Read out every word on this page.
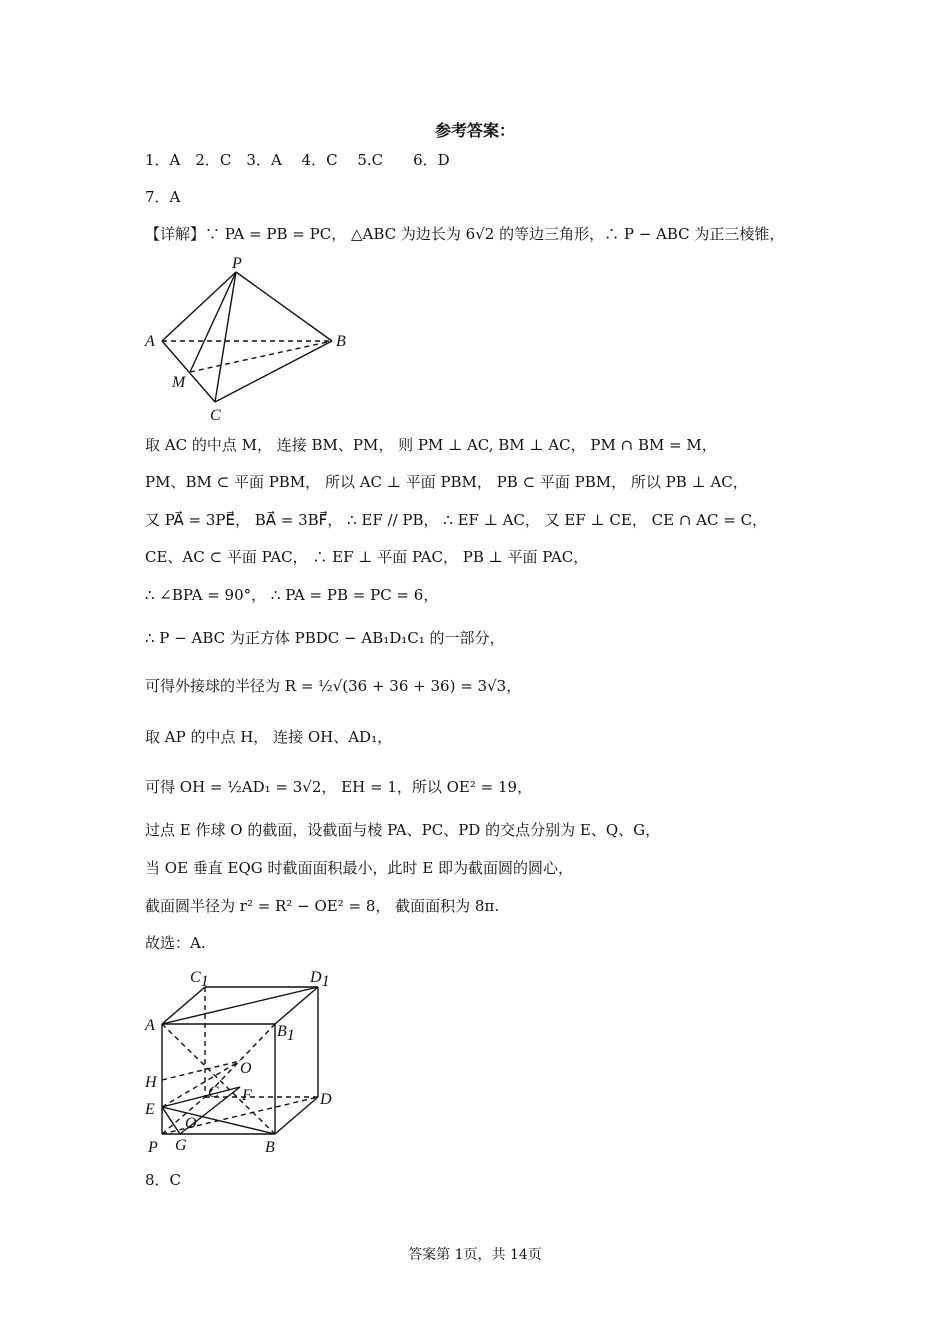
参考答案：
1．A　2．C　3．A　 4．C　 5.C　　6．D
7．A
【详解】∵ PA = PB = PC， △ABC 为边长为 6√2 的等边三角形，∴ P − ABC 为正三棱锥，
P
A	B
M
C
取 AC 的中点 M， 连接 BM、PM， 则 PM ⊥ AC, BM ⊥ AC， PM ∩ BM = M，
PM、BM ⊂ 平面 PBM， 所以 AC ⊥ 平面 PBM， PB ⊂ 平面 PBM， 所以 PB ⊥ AC，
又 PA⃗ = 3PE⃗， BA⃗ = 3BF⃗， ∴ EF // PB， ∴ EF ⊥ AC， 又 EF ⊥ CE， CE ∩ AC = C，
CE、AC ⊂ 平面 PAC， ∴ EF ⊥ 平面 PAC， PB ⊥ 平面 PAC，
∴ ∠BPA = 90°， ∴ PA = PB = PC = 6，
∴ P − ABC 为正方体 PBDC − AB₁D₁C₁ 的一部分，
可得外接球的半径为 R = ½√(36 + 36 + 36) = 3√3，
取 AP 的中点 H， 连接 OH、AD₁，
可得 OH = ½AD₁ = 3√2， EH = 1，所以 OE² = 19，
过点 E 作球 O 的截面，设截面与棱 PA、PC、PD 的交点分别为 E、Q、G，
当 OE 垂直 EQG 时截面面积最小，此时 E 即为截面圆的圆心，
截面圆半径为 r² = R² − OE² = 8， 截面面积为 8π.
故选：A.
C1	D1
A	B1
O
H
C F
E
D
O
P G	B
8．C
答案第 1页，共 14页
